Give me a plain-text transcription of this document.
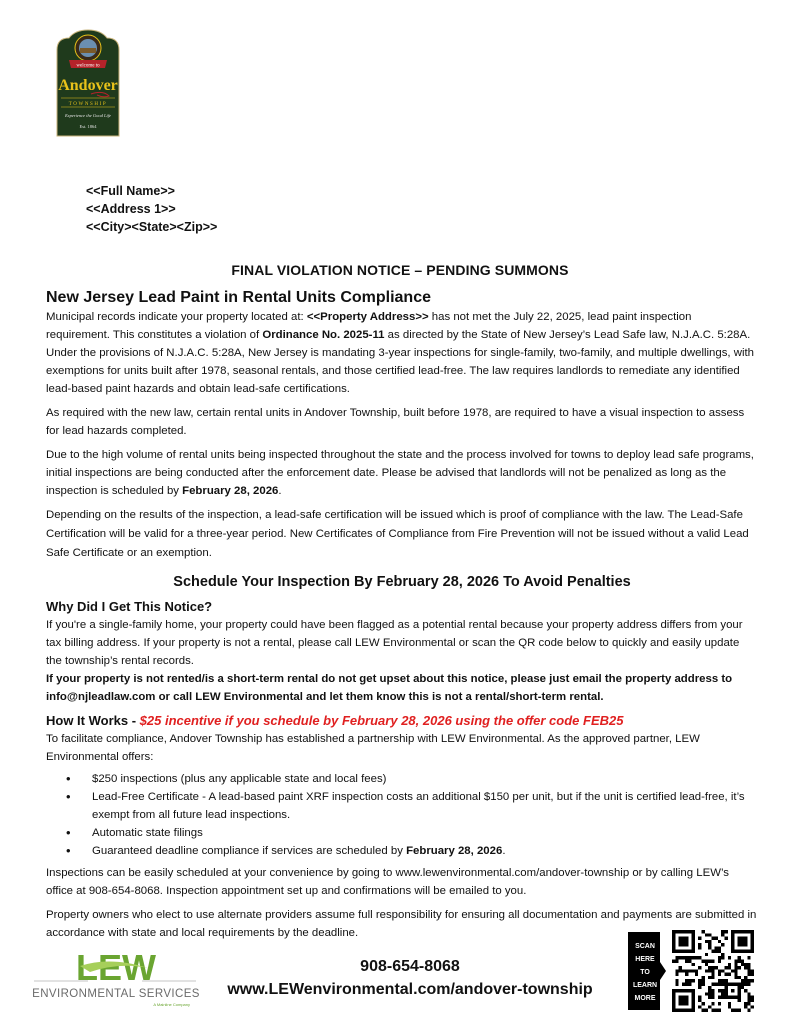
welcome to
Andover
TOWNSHIP
Experience the Good Life
Est. 1864
<<Full Name>>
<<Address 1>>
<<City><State><Zip>>
FINAL VIOLATION NOTICE – PENDING SUMMONS
New Jersey Lead Paint in Rental Units Compliance

Municipal records indicate your property located at: <<Property Address>> has not met the July 22, 2025, lead paint inspection requirement. This constitutes a violation of Ordinance No. 2025-11 as directed by the State of New Jersey’s Lead Safe law, N.J.A.C. 5:28A. Under the provisions of N.J.A.C. 5:28A, New Jersey is mandating 3-year inspections for single-family, two-family, and multiple dwellings, with exemptions for units built after 1978, seasonal rentals, and those certified lead-free. The law requires landlords to remediate any identified lead-based paint hazards and obtain lead-safe certifications.

As required with the new law, certain rental units in Andover Township, built before 1978, are required to have a visual inspection to assess for lead hazards completed.

Due to the high volume of rental units being inspected throughout the state and the process involved for towns to deploy lead safe programs, initial inspections are being conducted after the enforcement date. Please be advised that landlords will not be penalized as long as the inspection is scheduled by February 28, 2026.

Depending on the results of the inspection, a lead-safe certification will be issued which is proof of compliance with the law. The Lead-Safe Certification will be valid for a three-year period. New Certificates of Compliance from Fire Prevention will not be issued without a valid Lead Safe Certificate or an exemption.

Schedule Your Inspection By February 28, 2026 To Avoid Penalties
Why Did I Get This Notice?

If you're a single-family home, your property could have been flagged as a potential rental because your property address differs from your tax billing address. If your property is not a rental, please call LEW Environmental or scan the QR code below to quickly and easily update the township’s rental records.

If your property is not rented/is a short-term rental do not get upset about this notice, please just email the property address to info@njleadlaw.com or call LEW Environmental and let them know this is not a rental/short-term rental.

How It Works - $25 incentive if you schedule by February 28, 2026 using the offer code FEB25

To facilitate compliance, Andover Township has established a partnership with LEW Environmental. As the approved partner, LEW Environmental offers:

• $250 inspections (plus any applicable state and local fees)
• Lead-Free Certificate - A lead-based paint XRF inspection costs an additional $150 per unit, but if the unit is certified lead-free, it’s exempt from all future lead inspections.
• Automatic state filings
• Guaranteed deadline compliance if services are scheduled by February 28, 2026.

Inspections can be easily scheduled at your convenience by going to www.lewenvironmental.com/andover-township or by calling LEW’s office at 908-654-8068. Inspection appointment set up and confirmations will be emailed to you.

Property owners who elect to use alternate providers assume full responsibility for ensuring all documentation and payments are submitted in accordance with state and local requirements by the deadline.

LEW
ENVIRONMENTAL SERVICES
A Mainline Company
908-654-8068
www.LEWenvironmental.com/andover-township
SCAN
HERE
TO
LEARN
MORE
